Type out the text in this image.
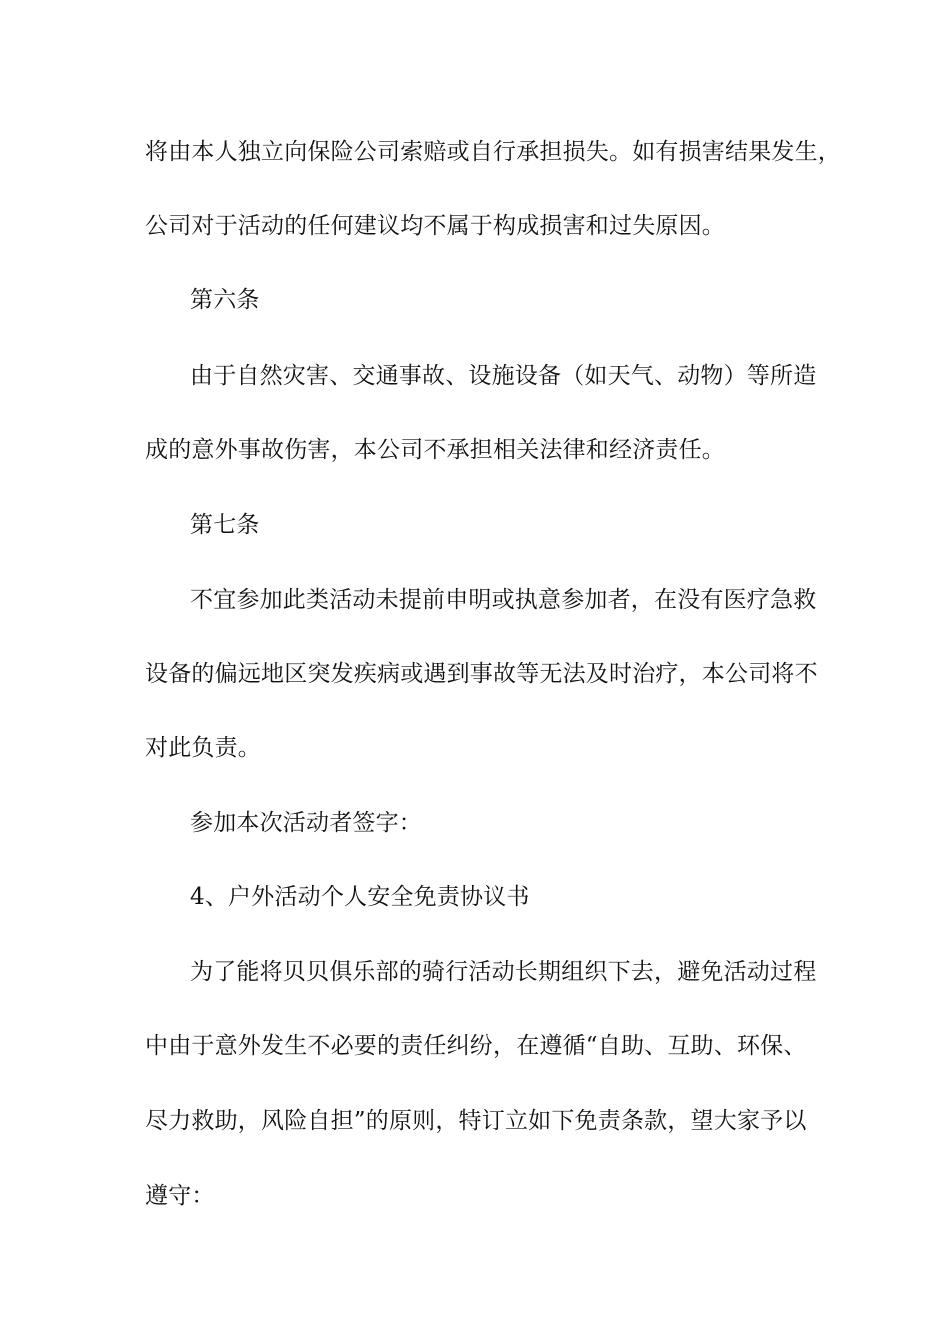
将由本人独立向保险公司索赔或自行承担损失。如有损害结果发生，
公司对于活动的任何建议均不属于构成损害和过失原因。
第六条
由于自然灾害、交通事故、设施设备（如天气、动物）等所造
成的意外事故伤害，本公司不承担相关法律和经济责任。
第七条
不宜参加此类活动未提前申明或执意参加者，在没有医疗急救
设备的偏远地区突发疾病或遇到事故等无法及时治疗，本公司将不
对此负责。
参加本次活动者签字：
4、户外活动个人安全免责协议书
为了能将贝贝俱乐部的骑行活动长期组织下去，避免活动过程
中由于意外发生不必要的责任纠纷，在遵循“自助、互助、环保、
尽力救助，风险自担”的原则，特订立如下免责条款，望大家予以
遵守：
